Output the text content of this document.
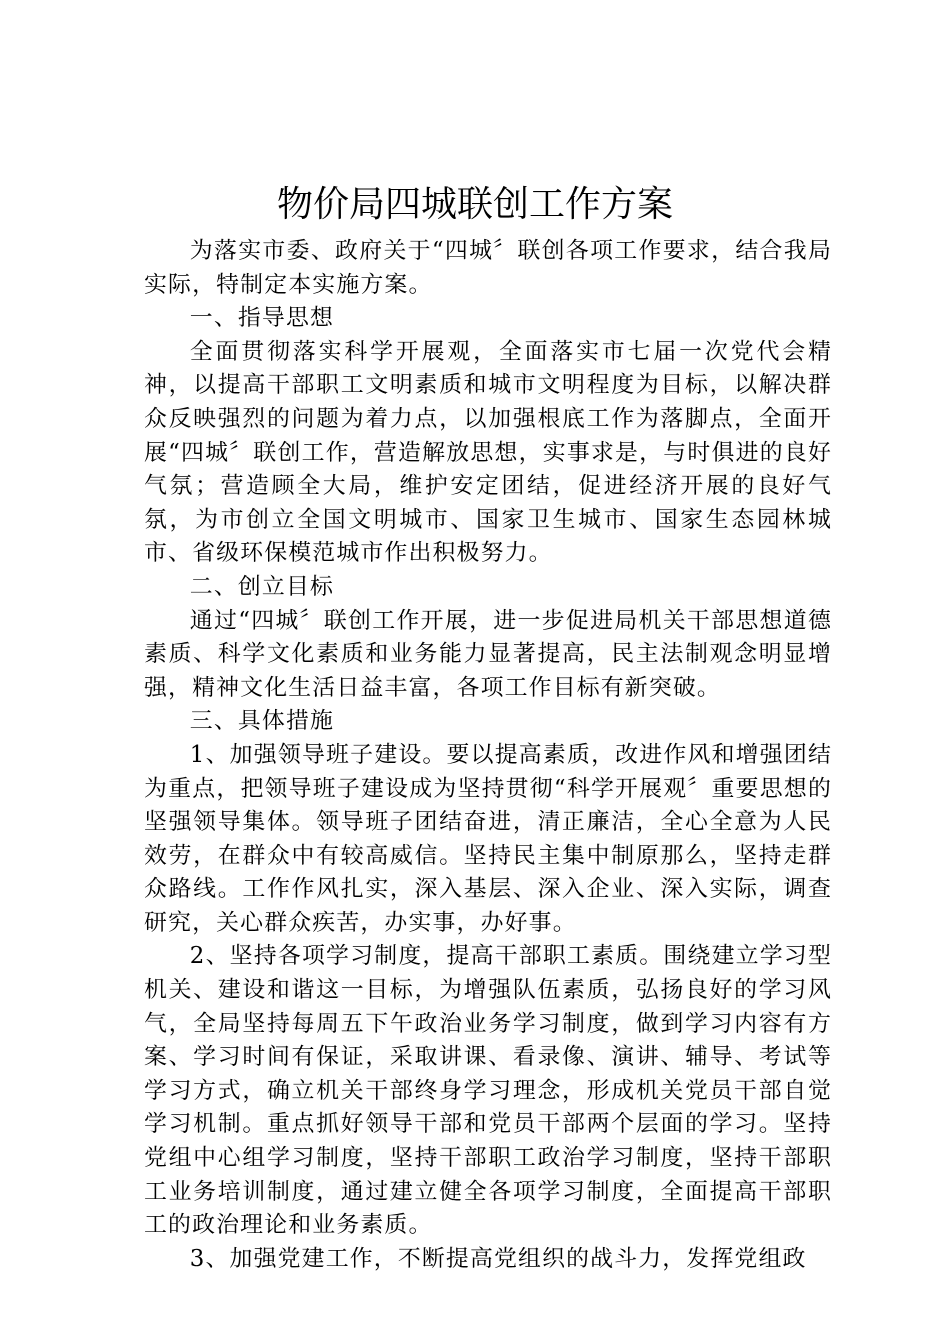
物价局四城联创工作方案

为落实市委、政府关于“四城〞联创各项工作要求，结合我局实际，特制定本实施方案。

一、指导思想

全面贯彻落实科学开展观，全面落实市七届一次党代会精神，以提高干部职工文明素质和城市文明程度为目标，以解决群众反映强烈的问题为着力点，以加强根底工作为落脚点，全面开展“四城〞联创工作，营造解放思想，实事求是，与时俱进的良好气氛；营造顾全大局，维护安定团结，促进经济开展的良好气氛，为市创立全国文明城市、国家卫生城市、国家生态园林城市、省级环保模范城市作出积极努力。

二、创立目标

通过“四城〞联创工作开展，进一步促进局机关干部思想道德素质、科学文化素质和业务能力显著提高，民主法制观念明显增强，精神文化生活日益丰富，各项工作目标有新突破。

三、具体措施

1、加强领导班子建设。要以提高素质，改进作风和增强团结为重点，把领导班子建设成为坚持贯彻“科学开展观〞重要思想的坚强领导集体。领导班子团结奋进，清正廉洁，全心全意为人民效劳，在群众中有较高威信。坚持民主集中制原那么，坚持走群众路线。工作作风扎实，深入基层、深入企业、深入实际，调查研究，关心群众疾苦，办实事，办好事。

2、坚持各项学习制度，提高干部职工素质。围绕建立学习型机关、建设和谐这一目标，为增强队伍素质，弘扬良好的学习风气，全局坚持每周五下午政治业务学习制度，做到学习内容有方案、学习时间有保证，采取讲课、看录像、演讲、辅导、考试等学习方式，确立机关干部终身学习理念，形成机关党员干部自觉学习机制。重点抓好领导干部和党员干部两个层面的学习。坚持党组中心组学习制度，坚持干部职工政治学习制度，坚持干部职工业务培训制度，通过建立健全各项学习制度，全面提高干部职工的政治理论和业务素质。

3、加强党建工作，不断提高党组织的战斗力，发挥党组政
